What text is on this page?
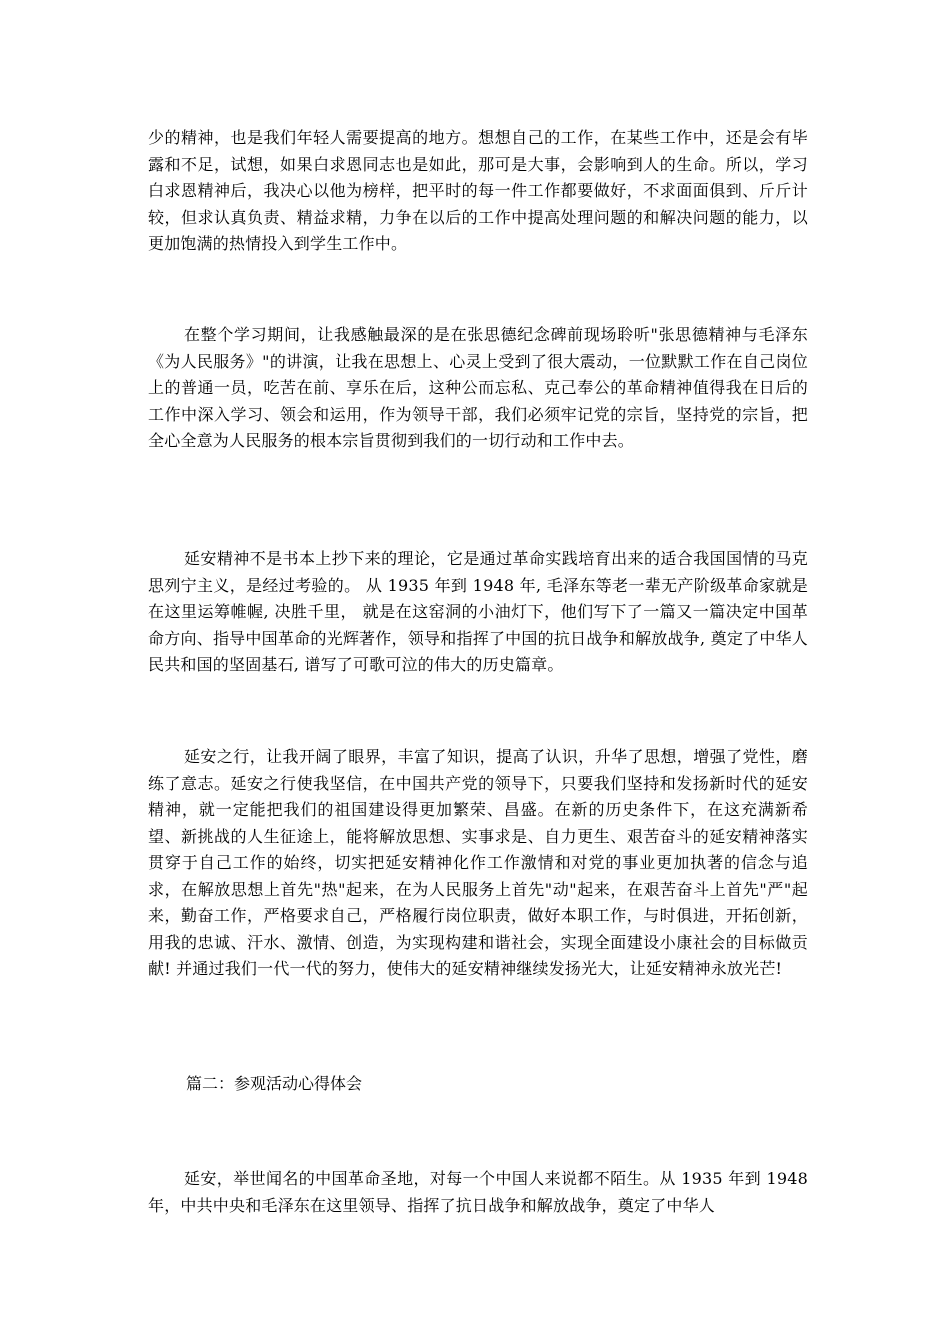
少的精神，也是我们年轻人需要提高的地方。想想自己的工作，在某些工作中，还是会有毕露和不足，试想，如果白求恩同志也是如此，那可是大事，会影响到人的生命。所以，学习白求恩精神后，我决心以他为榜样，把平时的每一件工作都要做好，不求面面俱到、斤斤计较，但求认真负责、精益求精，力争在以后的工作中提高处理问题的和解决问题的能力，以更加饱满的热情投入到学生工作中。

在整个学习期间，让我感触最深的是在张思德纪念碑前现场聆听"张思德精神与毛泽东《为人民服务》"的讲演，让我在思想上、心灵上受到了很大震动，一位默默工作在自己岗位上的普通一员，吃苦在前、享乐在后，这种公而忘私、克己奉公的革命精神值得我在日后的工作中深入学习、领会和运用，作为领导干部，我们必须牢记党的宗旨，坚持党的宗旨，把全心全意为人民服务的根本宗旨贯彻到我们的一切行动和工作中去。

延安精神不是书本上抄下来的理论，它是通过革命实践培育出来的适合我国国情的马克思列宁主义，是经过考验的。 从 1935 年到 1948 年, 毛泽东等老一辈无产阶级革命家就是在这里运筹帷幄, 决胜千里， 就是在这窑洞的小油灯下，他们写下了一篇又一篇决定中国革命方向、指导中国革命的光辉著作，领导和指挥了中国的抗日战争和解放战争, 奠定了中华人民共和国的坚固基石, 谱写了可歌可泣的伟大的历史篇章。

延安之行，让我开阔了眼界，丰富了知识，提高了认识，升华了思想，增强了党性，磨练了意志。延安之行使我坚信，在中国共产党的领导下，只要我们坚持和发扬新时代的延安精神，就一定能把我们的祖国建设得更加繁荣、昌盛。在新的历史条件下，在这充满新希望、新挑战的人生征途上，能将解放思想、实事求是、自力更生、艰苦奋斗的延安精神落实贯穿于自己工作的始终，切实把延安精神化作工作激情和对党的事业更加执著的信念与追求，在解放思想上首先"热"起来，在为人民服务上首先"动"起来，在艰苦奋斗上首先"严"起来，勤奋工作，严格要求自己，严格履行岗位职责，做好本职工作，与时俱进，开拓创新，用我的忠诚、汗水、激情、创造，为实现构建和谐社会，实现全面建设小康社会的目标做贡献! 并通过我们一代一代的努力，使伟大的延安精神继续发扬光大，让延安精神永放光芒!

篇二：参观活动心得体会

延安，举世闻名的中国革命圣地，对每一个中国人来说都不陌生。从 1935 年到 1948 年，中共中央和毛泽东在这里领导、指挥了抗日战争和解放战争，奠定了中华人
